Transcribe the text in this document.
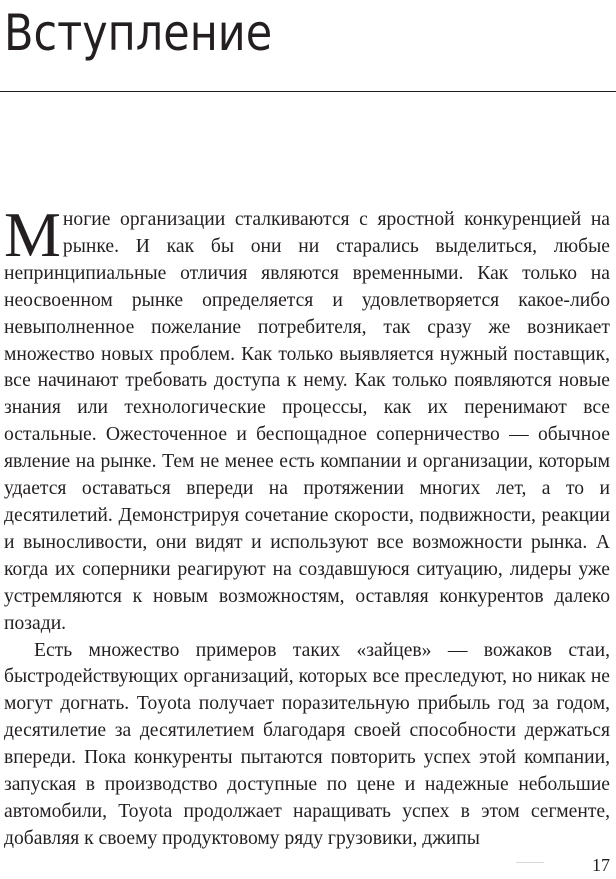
Вступление

Многие организации сталкиваются с яростной конкуренцией на рынке. И как бы они ни старались выделиться, любые непринципиальные отличия являются временными. Как только на неосвоенном рынке определяется и удовлетворяется какое-либо невыполненное пожелание потребителя, так сразу же возникает множество новых проблем. Как только выявляется нужный поставщик, все начинают требовать доступа к нему. Как только появляются новые знания или технологические процессы, как их перенимают все остальные. Ожесточенное и беспощадное соперничество — обычное явление на рынке. Тем не менее есть компании и организации, которым удается оставаться впереди на протяжении многих лет, а то и десятилетий. Демонстрируя сочетание скорости, подвижности, реакции и выносливости, они видят и используют все возможности рынка. А когда их соперники реагируют на создавшуюся ситуацию, лидеры уже устремляются к новым возможностям, оставляя конкурентов далеко позади.

Есть множество примеров таких «зайцев» — вожаков стаи, быстродействующих организаций, которых все преследуют, но никак не могут догнать. Toyota получает поразительную прибыль год за годом, десятилетие за десятилетием благодаря своей способности держаться впереди. Пока конкуренты пытаются повторить успех этой компании, запуская в производство доступные по цене и надежные небольшие автомобили, Toyota продолжает наращивать успех в этом сегменте, добавляя к своему продуктовому ряду грузовики, джипы

17
